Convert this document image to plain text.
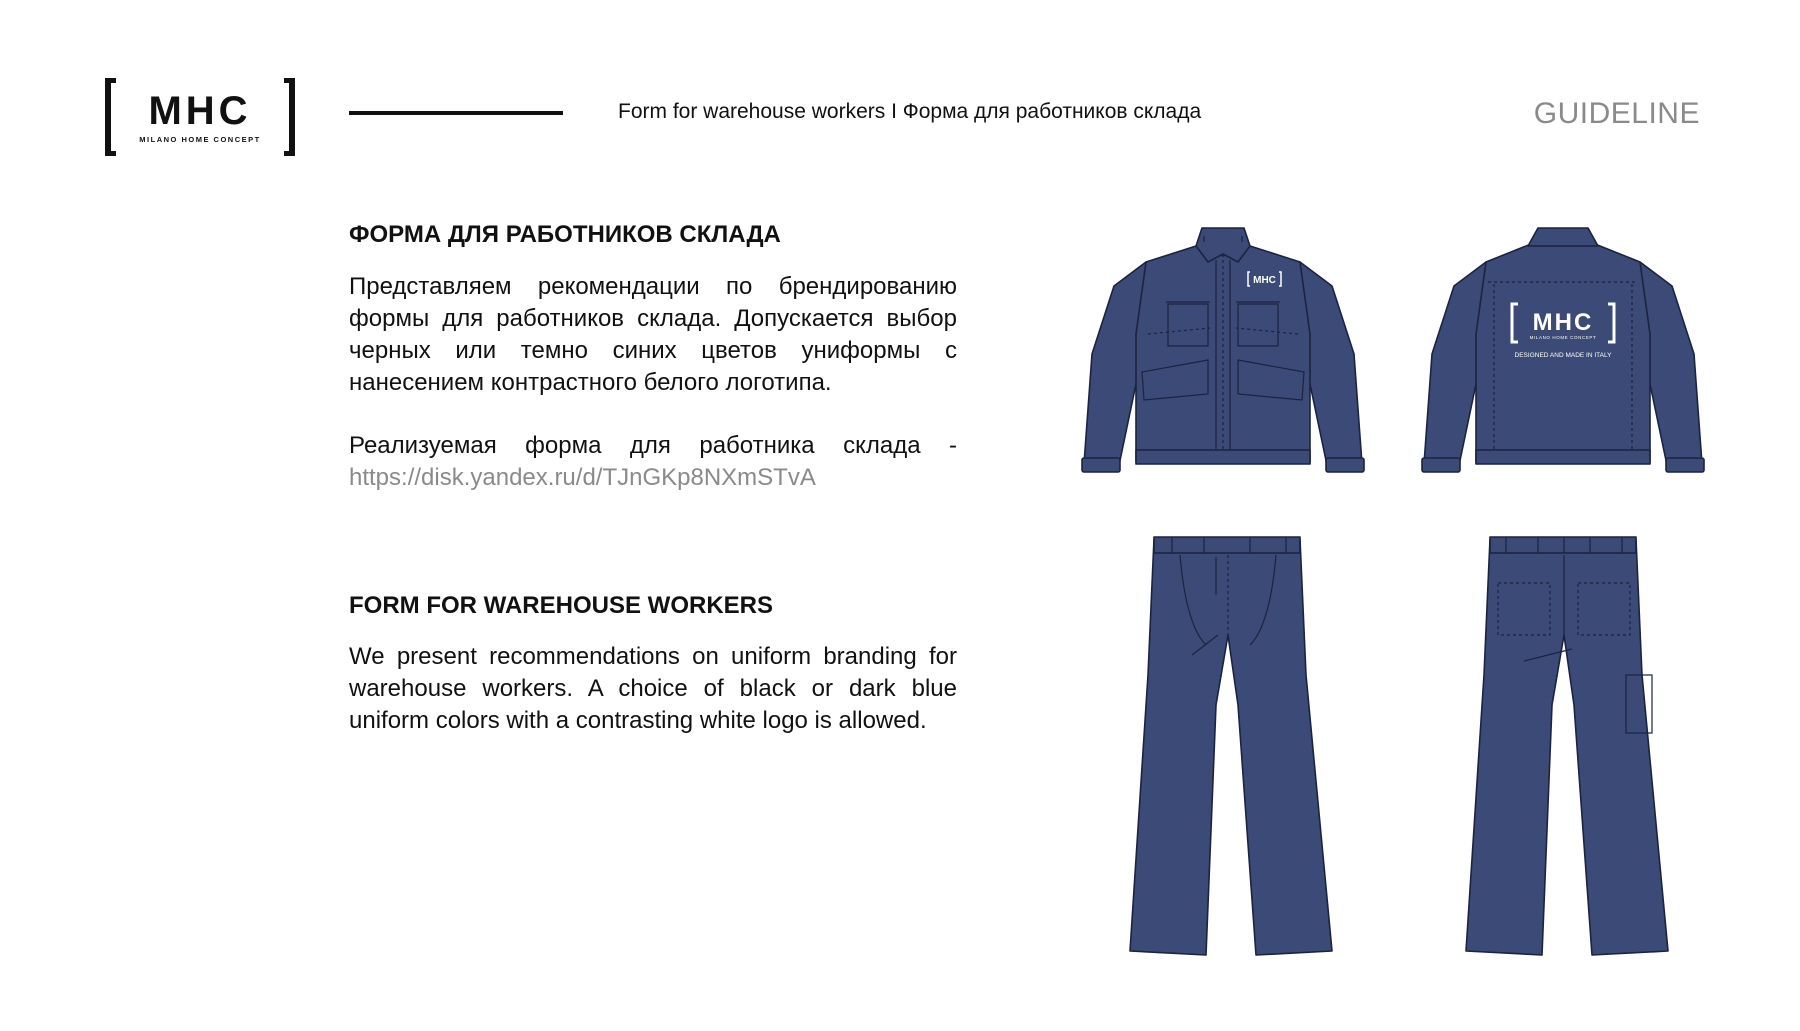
MHC
MILANO HOME CONCEPT
Form for warehouse workers I Форма для работников склада	GUIDELINE
ФОРМА ДЛЯ РАБОТНИКОВ СКЛАДА

Представляем рекомендации по брендированию формы для работников склада. Допускается выбор черных или темно синих цветов униформы с нанесением контрастного белого логотипа.

Реализуемая форма для работника склада -

https://disk.yandex.ru/d/TJnGKp8NXmSTvA

FORM FOR WAREHOUSE WORKERS

We present recommendations on uniform branding for warehouse workers. A choice of black or dark blue uniform colors with a contrasting white logo is allowed.

MHC
MHC
MILANO HOME CONCEPT
DESIGNED AND MADE IN ITALY
